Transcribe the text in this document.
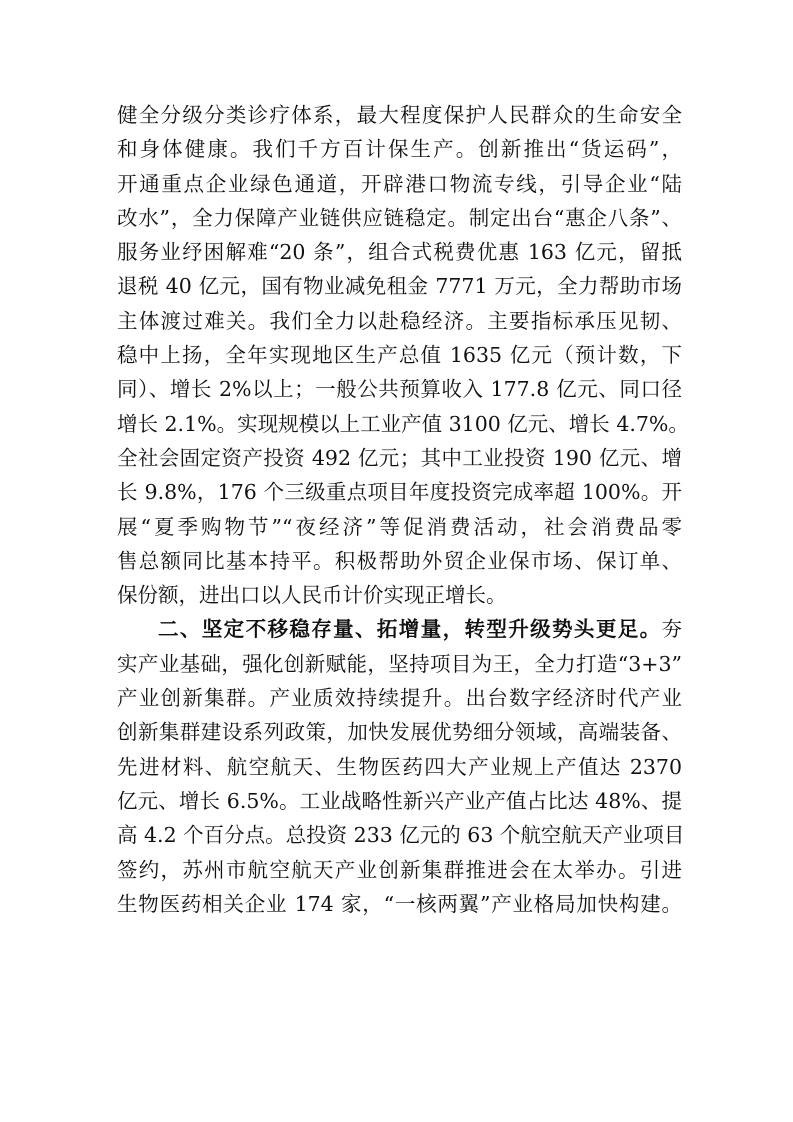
健全分级分类诊疗体系，最大程度保护人民群众的生命安全
和身体健康。我们千方百计保生产。创新推出“货运码”，
开通重点企业绿色通道，开辟港口物流专线，引导企业“陆
改水”，全力保障产业链供应链稳定。制定出台“惠企八条”、
服务业纾困解难“20 条”，组合式税费优惠 163 亿元，留抵
退税 40 亿元，国有物业减免租金 7771 万元，全力帮助市场
主体渡过难关。我们全力以赴稳经济。主要指标承压见韧、
稳中上扬，全年实现地区生产总值 1635 亿元（预计数，下
同）、增长 2%以上；一般公共预算收入 177.8 亿元、同口径
增长 2.1%。实现规模以上工业产值 3100 亿元、增长 4.7%。
全社会固定资产投资 492 亿元；其中工业投资 190 亿元、增
长 9.8%，176 个三级重点项目年度投资完成率超 100%。开
展“夏季购物节”“夜经济”等促消费活动，社会消费品零
售总额同比基本持平。积极帮助外贸企业保市场、保订单、
保份额，进出口以人民币计价实现正增长。
二、坚定不移稳存量、拓增量，转型升级势头更足。夯
实产业基础，强化创新赋能，坚持项目为王，全力打造“3+3”
产业创新集群。产业质效持续提升。出台数字经济时代产业
创新集群建设系列政策，加快发展优势细分领域，高端装备、
先进材料、航空航天、生物医药四大产业规上产值达 2370
亿元、增长 6.5%。工业战略性新兴产业产值占比达 48%、提
高 4.2 个百分点。总投资 233 亿元的 63 个航空航天产业项目
签约，苏州市航空航天产业创新集群推进会在太举办。引进
生物医药相关企业 174 家，“一核两翼”产业格局加快构建。
